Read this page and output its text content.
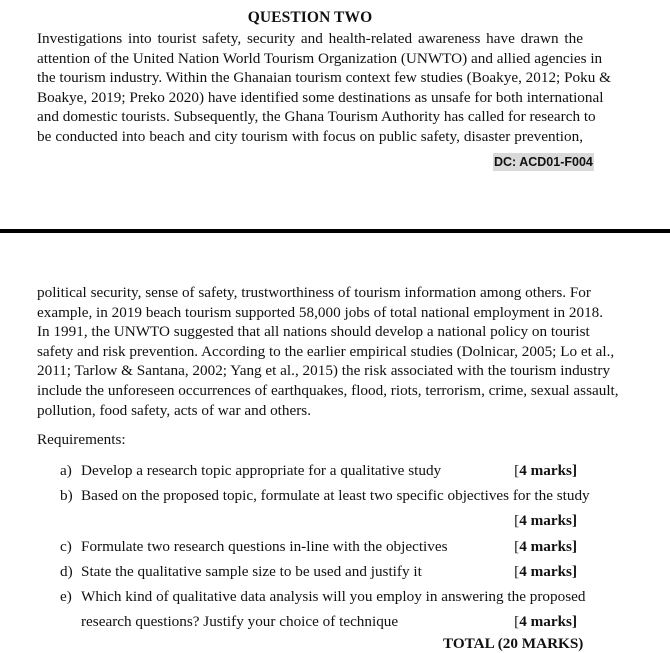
QUESTION TWO
Investigations into tourist safety, security and health-related awareness have drawn the
attention of the United Nation World Tourism Organization (UNWTO) and allied agencies in
the tourism industry. Within the Ghanaian tourism context few studies (Boakye, 2012; Poku &
Boakye, 2019; Preko 2020) have identified some destinations as unsafe for both international
and domestic tourists. Subsequently, the Ghana Tourism Authority has called for research to
be conducted into beach and city tourism with focus on public safety, disaster prevention,
DC: ACD01-F004
political security, sense of safety, trustworthiness of tourism information among others. For
example, in 2019 beach tourism supported 58,000 jobs of total national employment in 2018.
In 1991, the UNWTO suggested that all nations should develop a national policy on tourist
safety and risk prevention. According to the earlier empirical studies (Dolnicar, 2005; Lo et al.,
2011; Tarlow & Santana, 2002; Yang et al., 2015) the risk associated with the tourism industry
include the unforeseen occurrences of earthquakes, flood, riots, terrorism, crime, sexual assault,
pollution, food safety, acts of war and others.
Requirements:
a) Develop a research topic appropriate for a qualitative study	[4 marks]
b) Based on the proposed topic, formulate at least two specific objectives for the study
[4 marks]
c) Formulate two research questions in-line with the objectives	[4 marks]
d) State the qualitative sample size to be used and justify it	[4 marks]
e) Which kind of qualitative data analysis will you employ in answering the proposed
research questions? Justify your choice of technique	[4 marks]
TOTAL (20 MARKS)
